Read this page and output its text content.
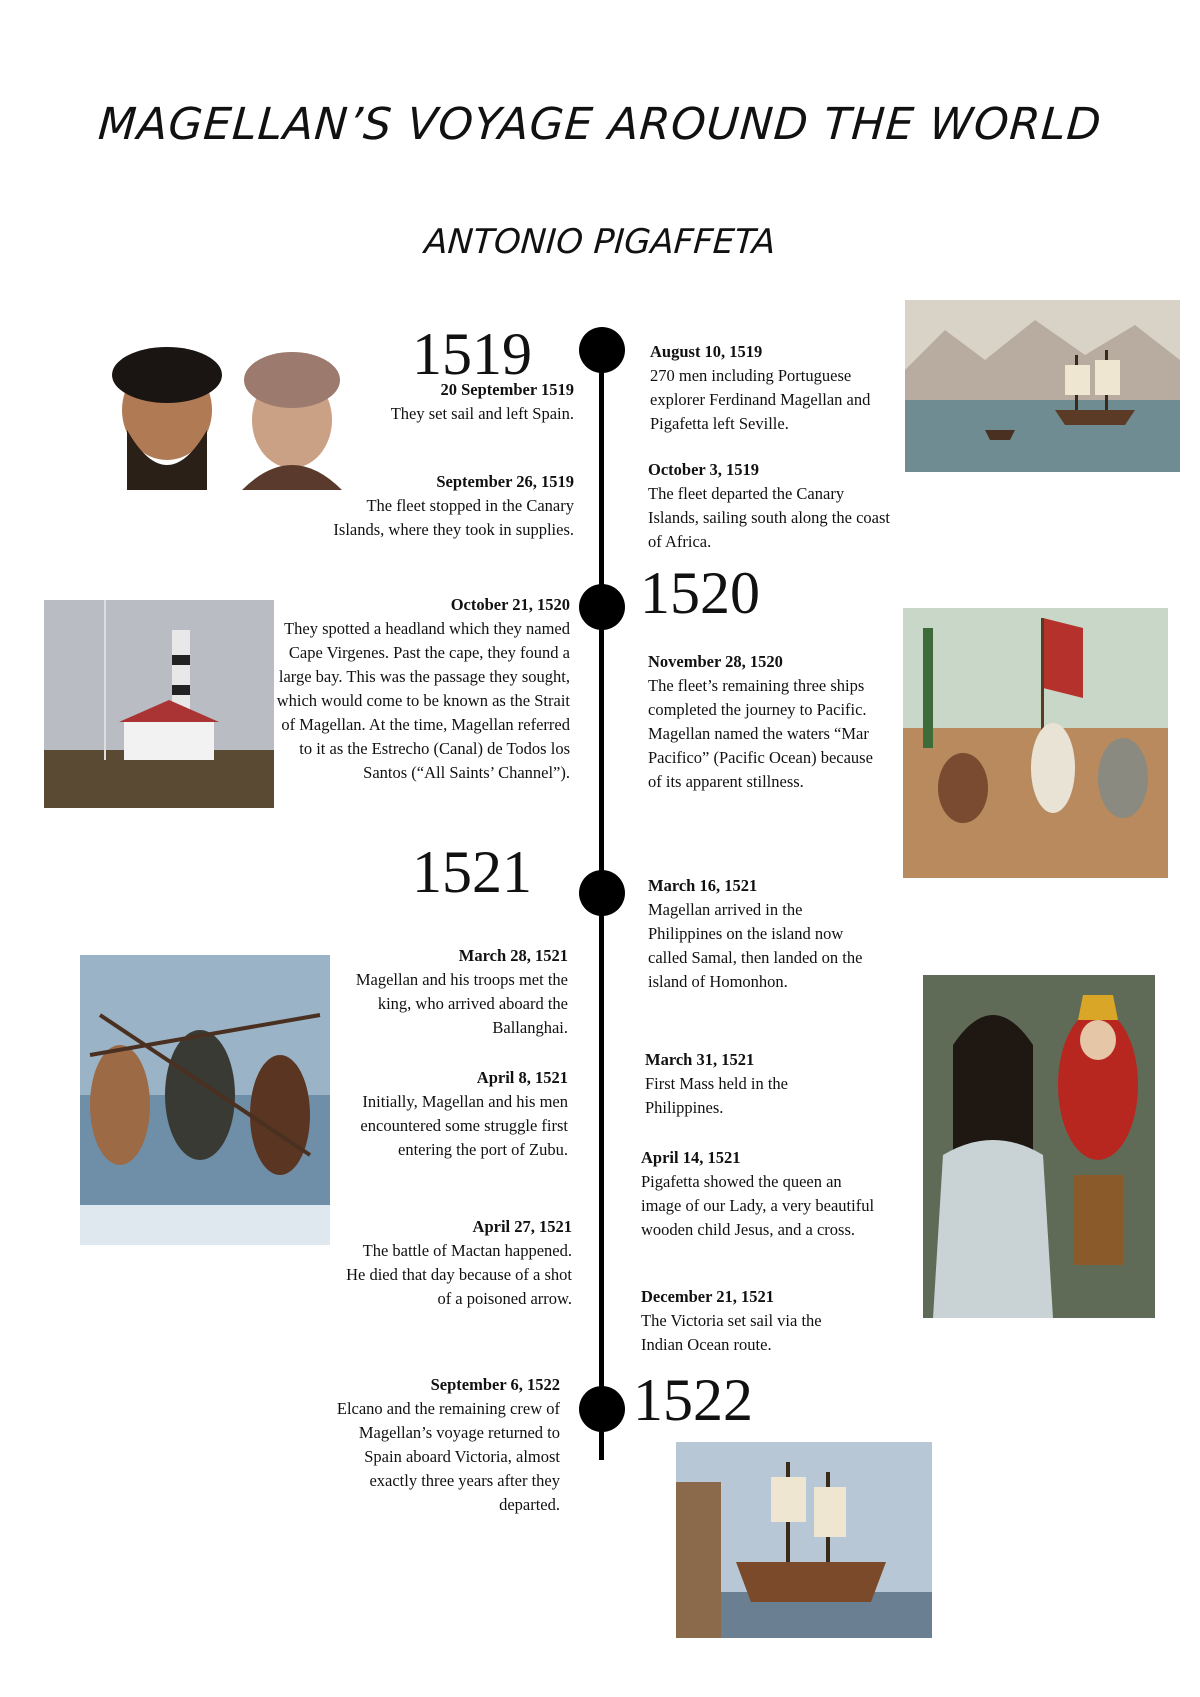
MAGELLAN’S VOYAGE AROUND THE WORLD
ANTONIO PIGAFFETA
1519
1520
1521
1522
20 September 1519
They set sail and left Spain.
September 26, 1519
The fleet stopped in the Canary Islands, where they took in supplies.
October 21, 1520
They spotted a headland which they named Cape Virgenes. Past the cape, they found a large bay. This was the passage they sought, which would come to be known as the Strait of Magellan. At the time, Magellan referred to it as the Estrecho (Canal) de Todos los Santos (“All Saints’ Channel”).
March 28, 1521
Magellan and his troops met the king, who arrived aboard the Ballanghai.
April 8, 1521
Initially, Magellan and his men encountered some struggle first entering the port of Zubu.
April 27, 1521
The battle of Mactan happened. He died that day because of a shot of a poisoned arrow.
September 6, 1522
Elcano and the remaining crew of Magellan’s voyage returned to Spain aboard Victoria, almost exactly three years after they departed.
August 10, 1519
270 men including Portuguese explorer Ferdinand Magellan and Pigafetta left Seville.
October 3, 1519
The fleet departed the Canary Islands, sailing south along the coast of Africa.
November 28, 1520
The fleet’s remaining three ships completed the journey to Pacific. Magellan named the waters “Mar Pacifico” (Pacific Ocean) because of its apparent stillness.
March 16, 1521
Magellan arrived in the Philippines on the island now called Samal, then landed on the island of Homonhon.
March 31, 1521
First Mass held in the Philippines.
April 14, 1521
Pigafetta showed the queen an image of our Lady, a very beautiful wooden child Jesus, and a cross.
December 21, 1521
The Victoria set sail via the Indian Ocean route.
